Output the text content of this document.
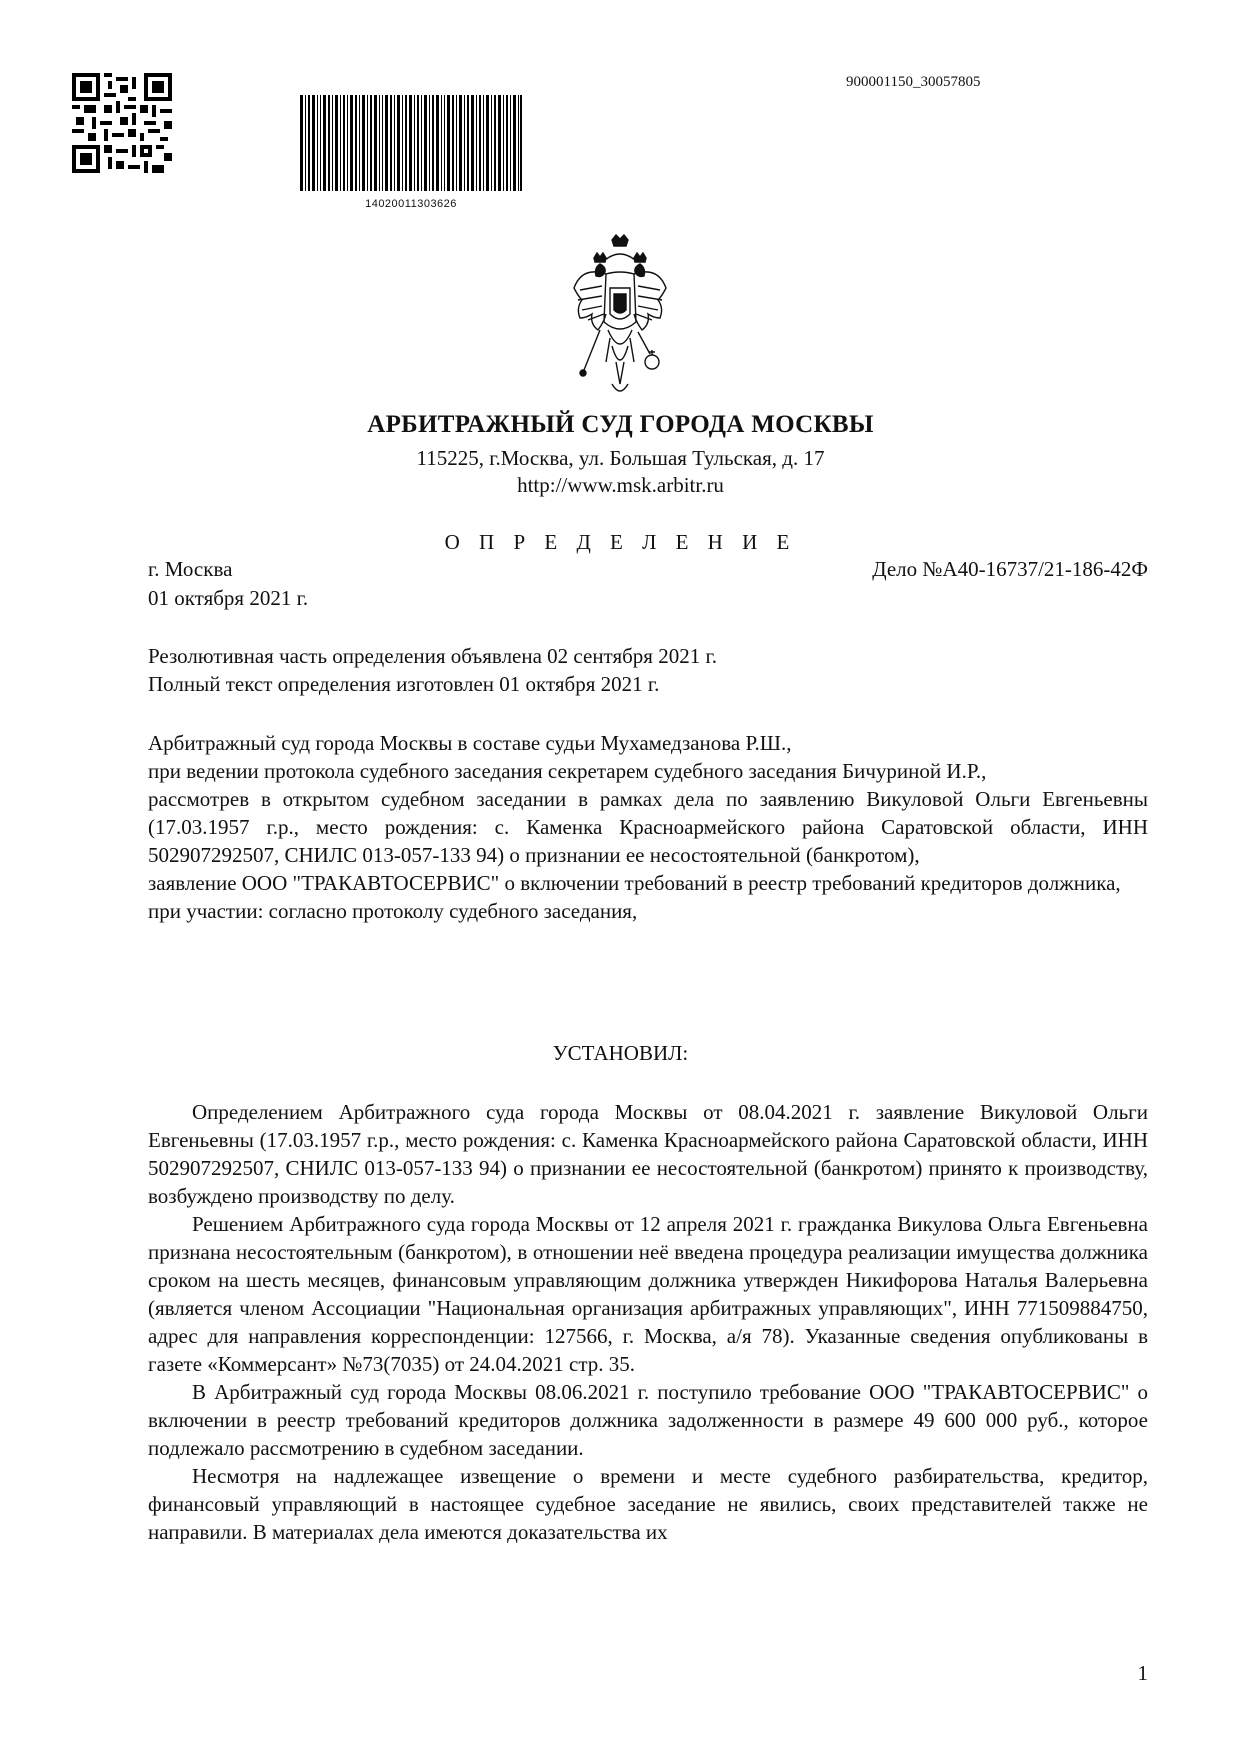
14020011303626
900001150_30057805
АРБИТРАЖНЫЙ СУД ГОРОДА МОСКВЫ
115225, г.Москва, ул. Большая Тульская, д. 17
http://www.msk.arbitr.ru
О П Р Е Д Е Л Е Н И Е
г. Москва	Дело №А40-16737/21-186-42Ф
01 октября 2021 г.
Резолютивная часть определения объявлена 02 сентября 2021 г.
Полный текст определения изготовлен 01 октября 2021 г.

Арбитражный суд города Москвы в составе судьи Мухамедзанова Р.Ш.,

при ведении протокола судебного заседания секретарем судебного заседания Бичуриной И.Р.,

рассмотрев в открытом судебном заседании в рамках дела по заявлению Викуловой Ольги Евгеньевны (17.03.1957 г.р., место рождения: с. Каменка Красноармейского района Саратовской области, ИНН 502907292507, СНИЛС 013-057-133 94) о признании ее несостоятельной (банкротом),

заявление ООО "ТРАКАВТОСЕРВИС" о включении требований в реестр требований кредиторов должника,

при участии: согласно протоколу судебного заседания,

УСТАНОВИЛ:

Определением Арбитражного суда города Москвы от 08.04.2021 г. заявление Викуловой Ольги Евгеньевны (17.03.1957 г.р., место рождения: с. Каменка Красноармейского района Саратовской области, ИНН 502907292507, СНИЛС 013-057-133 94) о признании ее несостоятельной (банкротом) принято к производству, возбуждено производству по делу.

Решением Арбитражного суда города Москвы от 12 апреля 2021 г. гражданка Викулова Ольга Евгеньевна признана несостоятельным (банкротом), в отношении неё введена процедура реализации имущества должника сроком на шесть месяцев, финансовым управляющим должника утвержден Никифорова Наталья Валерьевна (является членом Ассоциации "Национальная организация арбитражных управляющих", ИНН 771509884750, адрес для направления корреспонденции: 127566, г. Москва, а/я 78). Указанные сведения опубликованы в газете «Коммерсант» №73(7035) от 24.04.2021 стр. 35.

В Арбитражный суд города Москвы 08.06.2021 г. поступило требование ООО "ТРАКАВТОСЕРВИС" о включении в реестр требований кредиторов должника задолженности в размере 49 600 000 руб., которое подлежало рассмотрению в судебном заседании.

Несмотря на надлежащее извещение о времени и месте судебного разбирательства, кредитор, финансовый управляющий в настоящее судебное заседание не явились, своих представителей также не направили. В материалах дела имеются доказательства их

1
